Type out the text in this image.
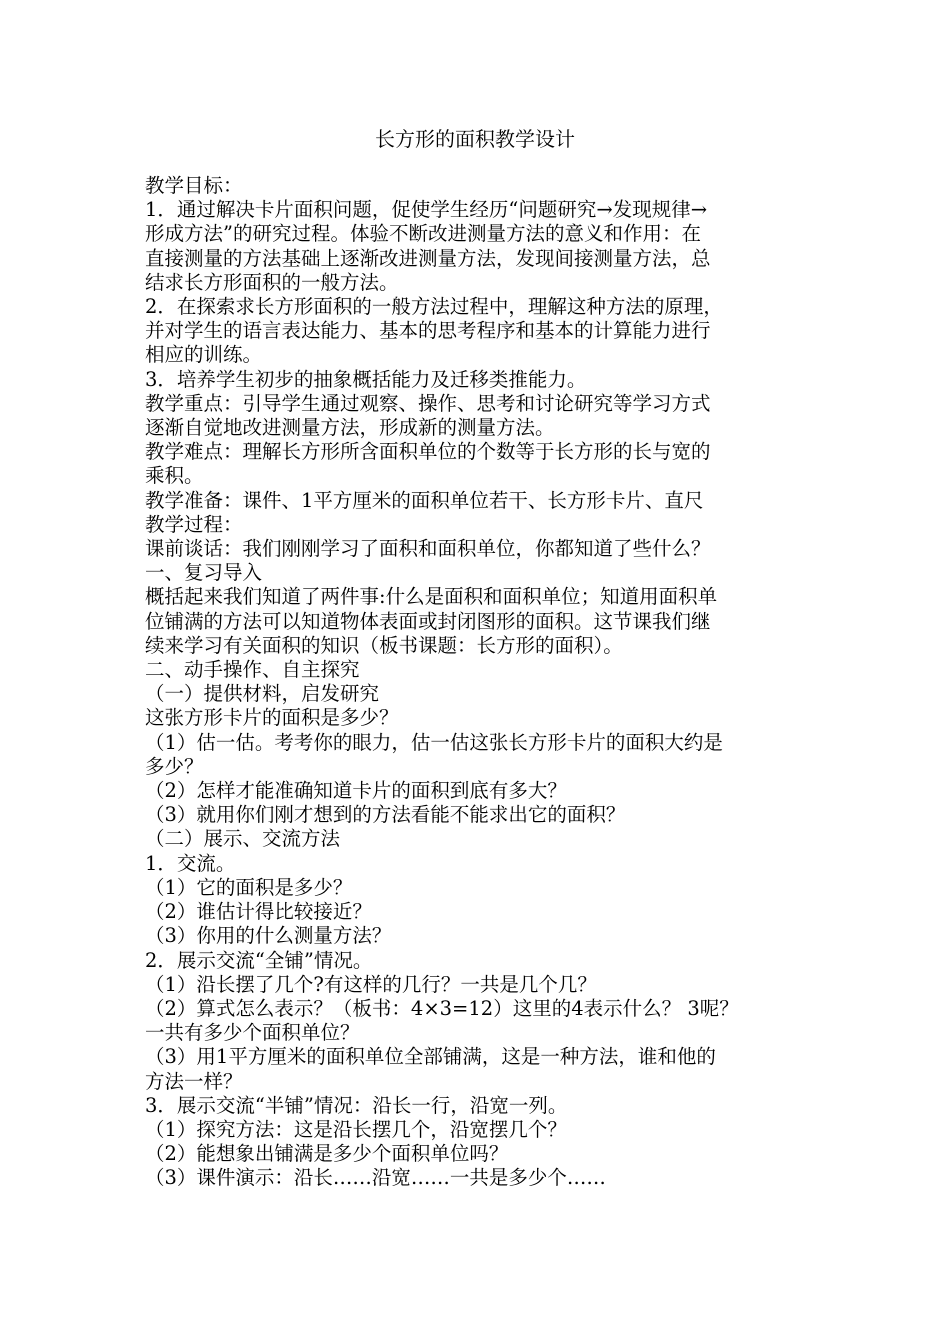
长方形的面积教学设计

教学目标：

1．通过解决卡片面积问题，促使学生经历“问题研究→发现规律→

形成方法”的研究过程。体验不断改进测量方法的意义和作用：在

直接测量的方法基础上逐渐改进测量方法，发现间接测量方法，总

结求长方形面积的一般方法。

2．在探索求长方形面积的一般方法过程中，理解这种方法的原理，

并对学生的语言表达能力、基本的思考程序和基本的计算能力进行

相应的训练。

3．培养学生初步的抽象概括能力及迁移类推能力。

教学重点：引导学生通过观察、操作、思考和讨论研究等学习方式

逐渐自觉地改进测量方法，形成新的测量方法。

教学难点：理解长方形所含面积单位的个数等于长方形的长与宽的

乘积。

教学准备：课件、1平方厘米的面积单位若干、长方形卡片、直尺

教学过程：

课前谈话：我们刚刚学习了面积和面积单位，你都知道了些什么？

一、复习导入

概括起来我们知道了两件事:什么是面积和面积单位；知道用面积单

位铺满的方法可以知道物体表面或封闭图形的面积。这节课我们继

续来学习有关面积的知识（板书课题：长方形的面积）。

二、动手操作、自主探究

（一）提供材料，启发研究

这张方形卡片的面积是多少？

（1）估一估。考考你的眼力，估一估这张长方形卡片的面积大约是

多少？

（2）怎样才能准确知道卡片的面积到底有多大？

（3）就用你们刚才想到的方法看能不能求出它的面积？

（二）展示、交流方法

1．交流。

（1）它的面积是多少？

（2）谁估计得比较接近？

（3）你用的什么测量方法？

2．展示交流“全铺”情况。

（1）沿长摆了几个?有这样的几行？一共是几个几？

（2）算式怎么表示？（板书：4×3=12）这里的4表示什么？ 3呢？

一共有多少个面积单位？

（3）用1平方厘米的面积单位全部铺满，这是一种方法，谁和他的

方法一样？

3．展示交流“半铺”情况：沿长一行，沿宽一列。

（1）探究方法：这是沿长摆几个，沿宽摆几个？

（2）能想象出铺满是多少个面积单位吗？

（3）课件演示：沿长……沿宽……一共是多少个……
